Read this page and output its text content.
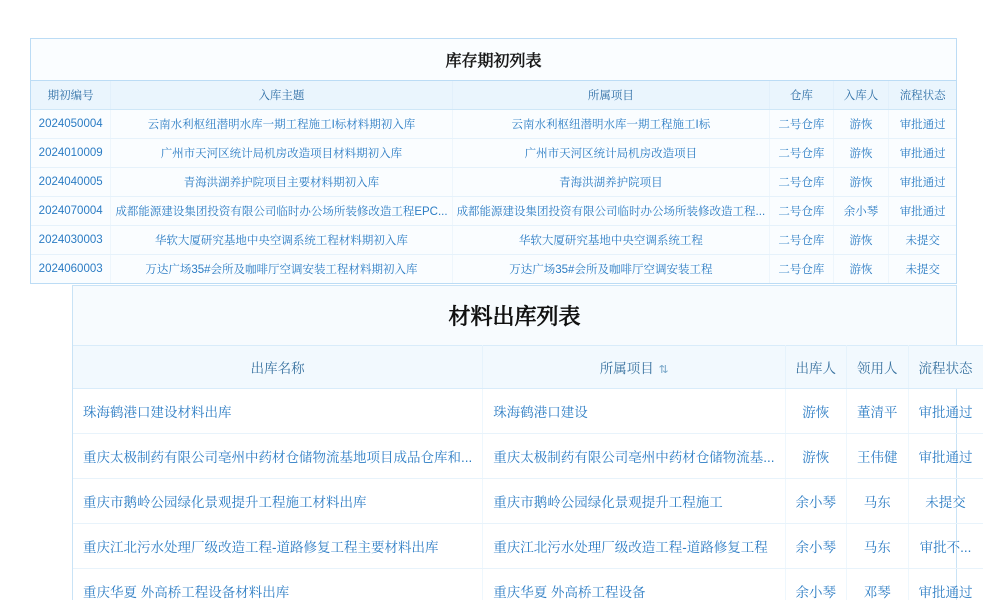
库存期初列表
期初编号	入库主题	所属项目	仓库	入库人	流程状态
2024050004	云南水利枢纽潜明水库一期工程施工I标材料期初入库	云南水利枢纽潜明水库一期工程施工I标	二号仓库	游恢	审批通过
2024010009	广州市天河区统计局机房改造项目材料期初入库	广州市天河区统计局机房改造项目	二号仓库	游恢	审批通过
2024040005	青海洪湖养护院项目主要材料期初入库	青海洪湖养护院项目	二号仓库	游恢	审批通过
2024070004	成都能源建设集团投资有限公司临时办公场所装修改造工程EPC...	成都能源建设集团投资有限公司临时办公场所装修改造工程...	二号仓库	余小琴	审批通过
2024030003	华软大厦研究基地中央空调系统工程材料期初入库	华软大厦研究基地中央空调系统工程	二号仓库	游恢	未提交
2024060003	万达广场35#会所及咖啡厅空调安装工程材料期初入库	万达广场35#会所及咖啡厅空调安装工程	二号仓库	游恢	未提交
材料出库列表
出库名称	所属项目 ⇅	出库人	领用人	流程状态
珠海鹤港口建设材料出库	珠海鹤港口建设	游恢	董清平	审批通过
重庆太极制药有限公司亳州中药材仓储物流基地项目成品仓库和...	重庆太极制药有限公司亳州中药材仓储物流基...	游恢	王伟健	审批通过
重庆市鹅岭公园绿化景观提升工程施工材料出库	重庆市鹅岭公园绿化景观提升工程施工	余小琴	马东	未提交
重庆江北污水处理厂级改造工程-道路修复工程主要材料出库	重庆江北污水处理厂级改造工程-道路修复工程	余小琴	马东	审批不...
重庆华夏 外高桥工程设备材料出库	重庆华夏 外高桥工程设备	余小琴	邓琴	审批通过
